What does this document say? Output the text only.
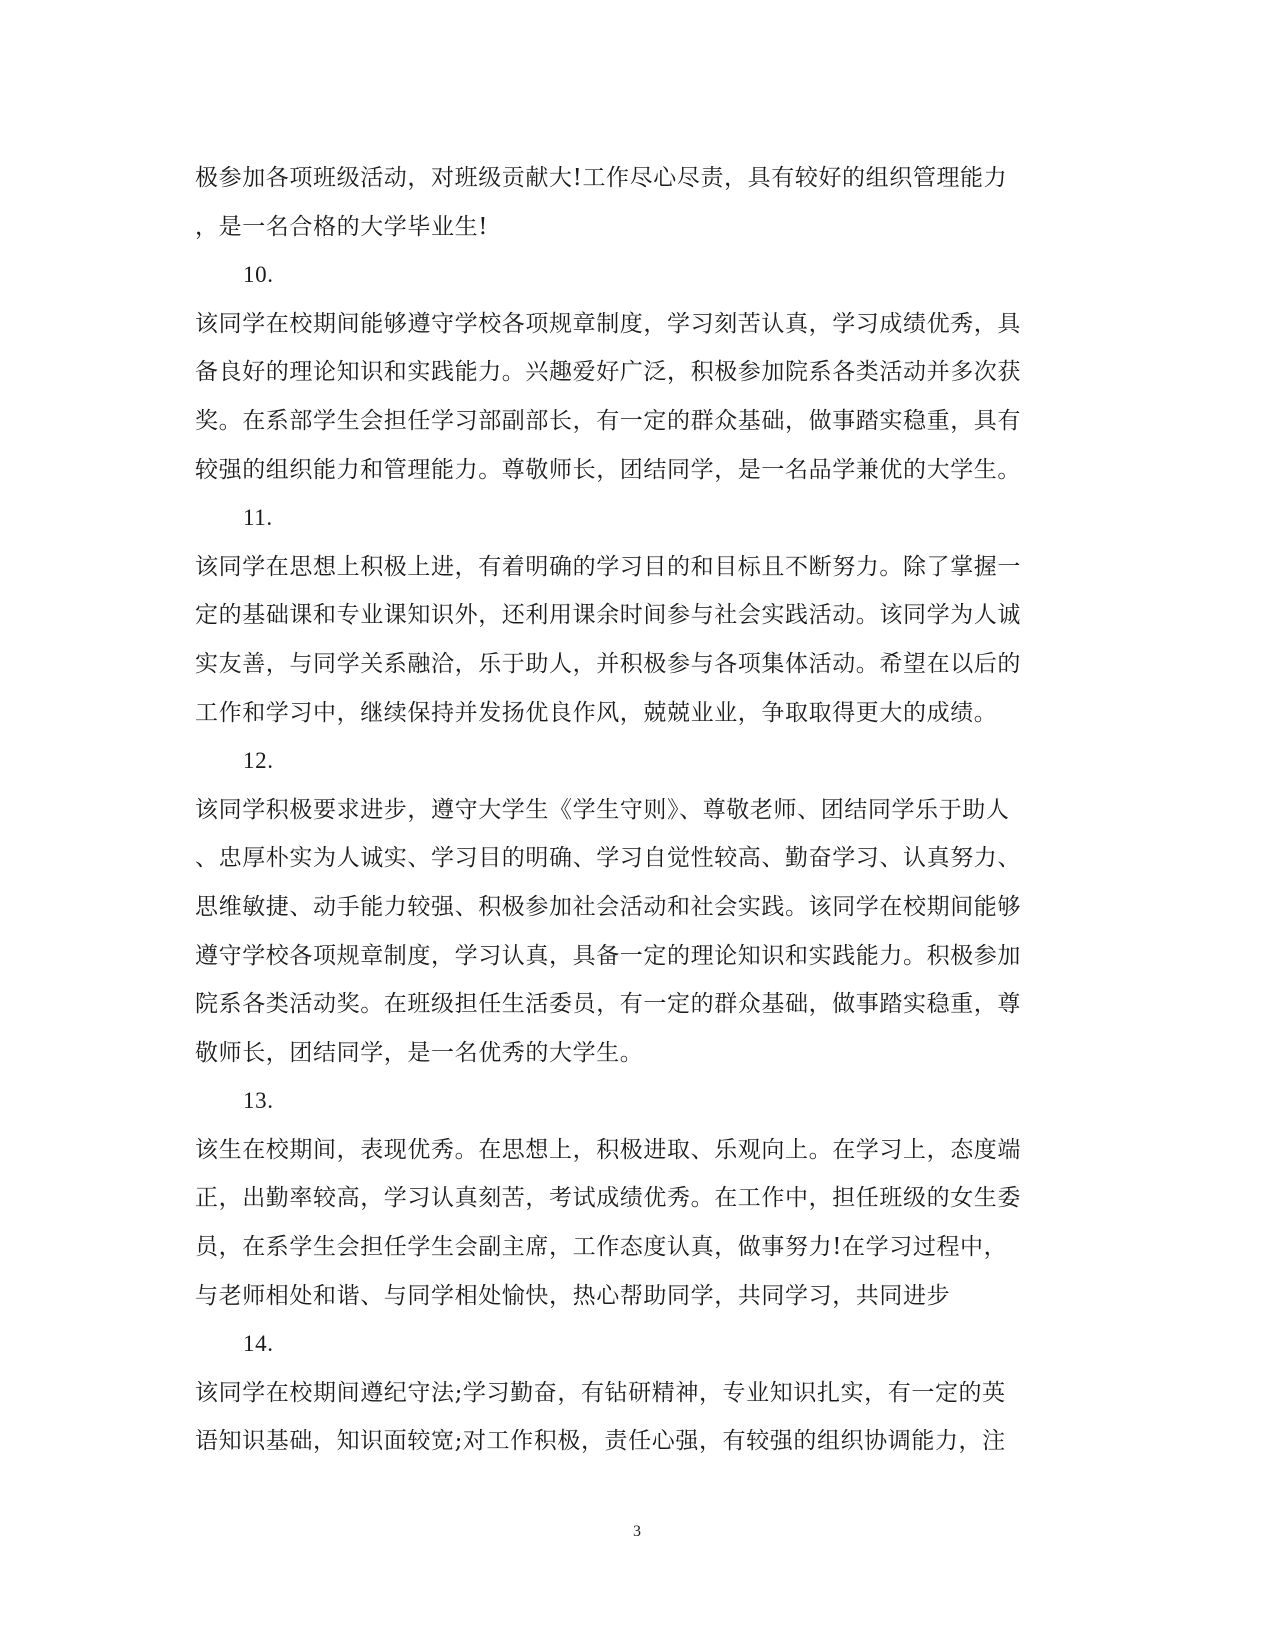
极参加各项班级活动，对班级贡献大!工作尽心尽责，具有较好的组织管理能力
，是一名合格的大学毕业生!
10.
该同学在校期间能够遵守学校各项规章制度，学习刻苦认真，学习成绩优秀，具
备良好的理论知识和实践能力。兴趣爱好广泛，积极参加院系各类活动并多次获
奖。在系部学生会担任学习部副部长，有一定的群众基础，做事踏实稳重，具有
较强的组织能力和管理能力。尊敬师长，团结同学，是一名品学兼优的大学生。
11.
该同学在思想上积极上进，有着明确的学习目的和目标且不断努力。除了掌握一
定的基础课和专业课知识外，还利用课余时间参与社会实践活动。该同学为人诚
实友善，与同学关系融洽，乐于助人，并积极参与各项集体活动。希望在以后的
工作和学习中，继续保持并发扬优良作风，兢兢业业，争取取得更大的成绩。
12.
该同学积极要求进步，遵守大学生《学生守则》、尊敬老师、团结同学乐于助人
、忠厚朴实为人诚实、学习目的明确、学习自觉性较高、勤奋学习、认真努力、
思维敏捷、动手能力较强、积极参加社会活动和社会实践。该同学在校期间能够
遵守学校各项规章制度，学习认真，具备一定的理论知识和实践能力。积极参加
院系各类活动奖。在班级担任生活委员，有一定的群众基础，做事踏实稳重，尊
敬师长，团结同学，是一名优秀的大学生。
13.
该生在校期间，表现优秀。在思想上，积极进取、乐观向上。在学习上，态度端
正，出勤率较高，学习认真刻苦，考试成绩优秀。在工作中，担任班级的女生委
员，在系学生会担任学生会副主席，工作态度认真，做事努力!在学习过程中，
与老师相处和谐、与同学相处愉快，热心帮助同学，共同学习，共同进步
14.
该同学在校期间遵纪守法;学习勤奋，有钻研精神，专业知识扎实，有一定的英
语知识基础，知识面较宽;对工作积极，责任心强，有较强的组织协调能力，注
3
